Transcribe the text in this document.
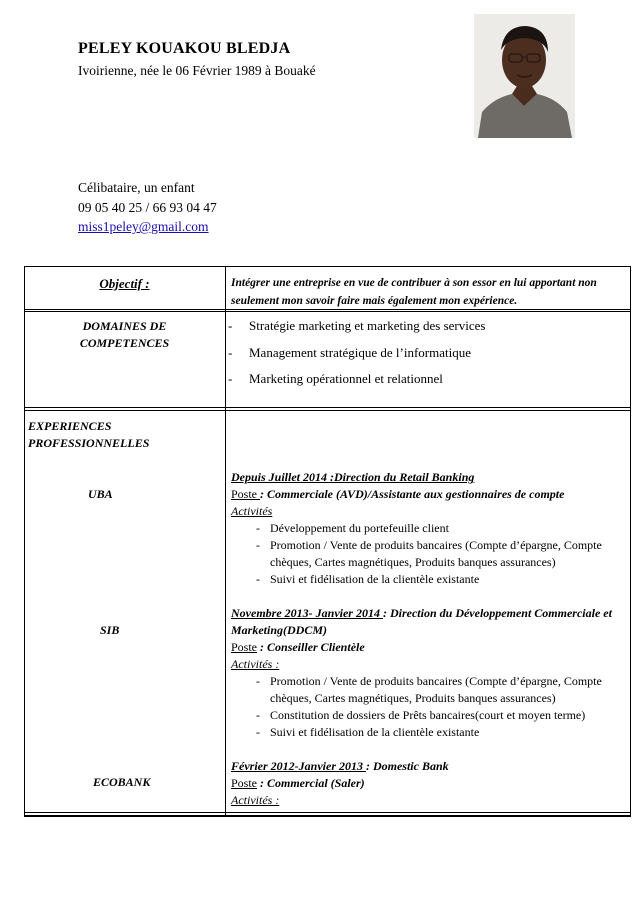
PELEY KOUAKOU BLEDJA
Ivoirienne, née le 06 Février 1989 à Bouaké
Célibataire, un enfant
09 05 40 25 / 66 93 04 47
miss1peley@gmail.com
Objectif :	Intégrer une entreprise en vue de contribuer à son essor en lui apportant non seulement mon savoir faire mais également mon expérience.
DOMAINES DE
COMPETENCES
- Stratégie marketing et marketing des services
- Management stratégique de l’informatique
- Marketing opérationnel et relationnel
EXPERIENCES
PROFESSIONNELLES
UBA
SIB
ECOBANK
Depuis Juillet 2014 :Direction du Retail Banking
Poste : Commerciale (AVD)/Assistante aux gestionnaires de compte
Activités
- Développement du portefeuille client
- Promotion / Vente de produits bancaires (Compte d’épargne, Compte chèques, Cartes magnétiques, Produits banques assurances)
- Suivi et fidélisation de la clientèle existante
Novembre 2013- Janvier 2014 : Direction du Développement Commerciale et Marketing(DDCM)
Poste : Conseiller Clientèle
Activités :
- Promotion / Vente de produits bancaires (Compte d’épargne, Compte chèques, Cartes magnétiques, Produits banques assurances)
- Constitution de dossiers de Prêts bancaires(court et moyen terme)
- Suivi et fidélisation de la clientèle existante
Février 2012-Janvier 2013 : Domestic Bank
Poste : Commercial (Saler)
Activités :
